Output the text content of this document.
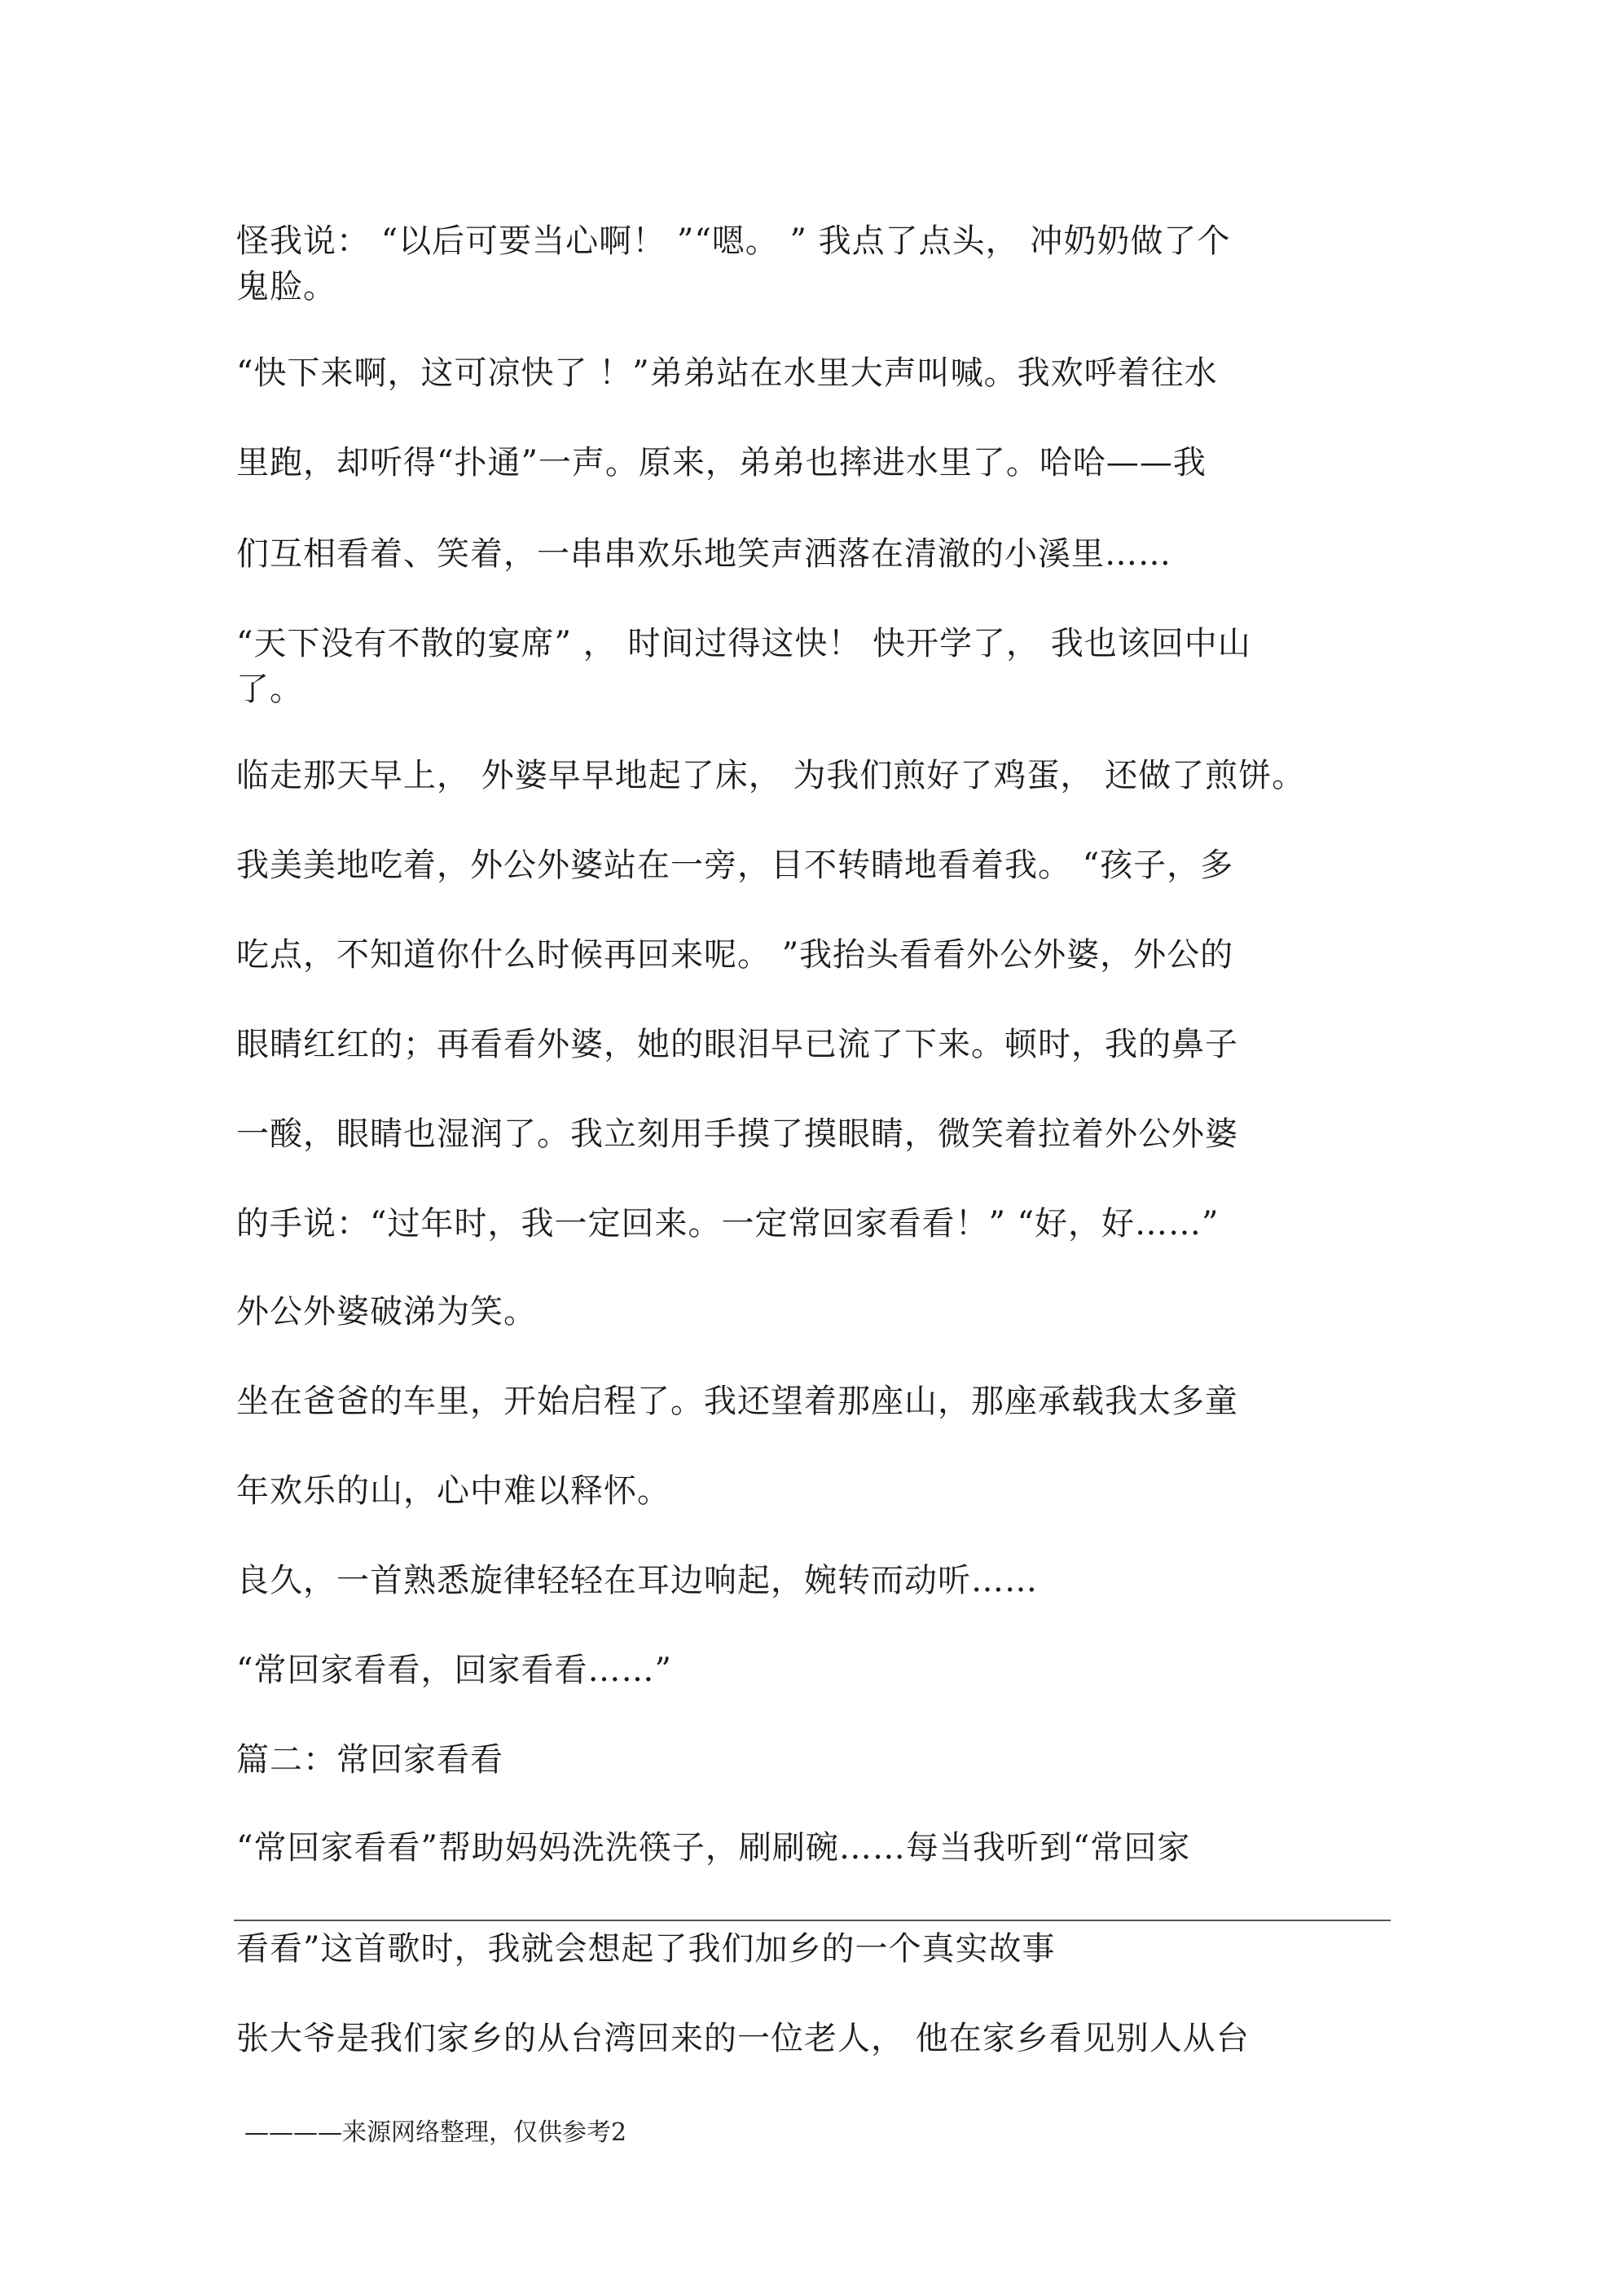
怪我说： “以后可要当心啊！ ”“嗯。 ” 我点了点头， 冲奶奶做了个
鬼脸。
“快下来啊，这可凉快了 ！”弟弟站在水里大声叫喊。我欢呼着往水
里跑，却听得“扑通”一声。原来，弟弟也摔进水里了。哈哈——我
们互相看着、笑着，一串串欢乐地笑声洒落在清澈的小溪里……
“天下没有不散的宴席” ， 时间过得这快！ 快开学了， 我也该回中山
了。
临走那天早上， 外婆早早地起了床， 为我们煎好了鸡蛋， 还做了煎饼。
我美美地吃着，外公外婆站在一旁，目不转睛地看着我。 “孩子，多
吃点，不知道你什么时候再回来呢。 ”我抬头看看外公外婆，外公的
眼睛红红的；再看看外婆，她的眼泪早已流了下来。顿时，我的鼻子
一酸，眼睛也湿润了。我立刻用手摸了摸眼睛，微笑着拉着外公外婆
的手说：“过年时，我一定回来。一定常回家看看！” “好，好……”
外公外婆破涕为笑。
坐在爸爸的车里，开始启程了。我还望着那座山，那座承载我太多童
年欢乐的山，心中难以释怀。
良久，一首熟悉旋律轻轻在耳边响起，婉转而动听……
“常回家看看，回家看看……”
篇二：常回家看看
“常回家看看”帮助妈妈洗洗筷子，刷刷碗……每当我听到“常回家
看看”这首歌时，我就会想起了我们加乡的一个真实故事
张大爷是我们家乡的从台湾回来的一位老人， 他在家乡看见别人从台
————来源网络整理，仅供参考2
